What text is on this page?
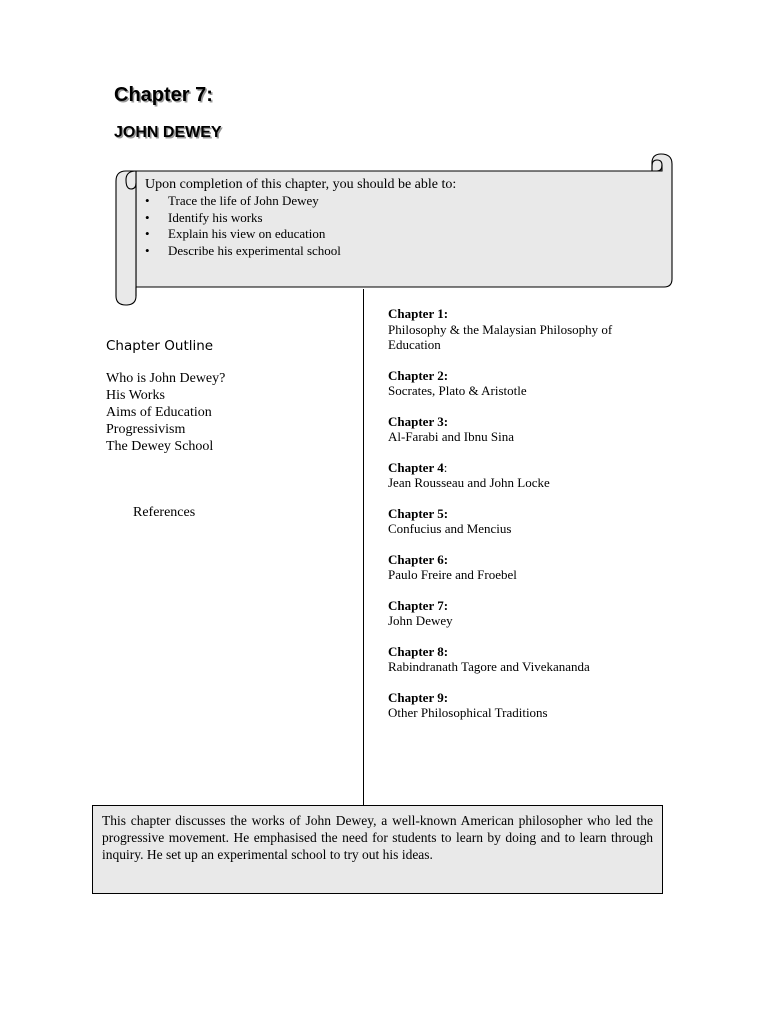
Chapter 7:
JOHN DEWEY
Upon completion of this chapter, you should be able to:
• Trace the life of John Dewey
• Identify his works
• Explain his view on education
• Describe his experimental school
Chapter Outline
Who is John Dewey?
His Works
Aims of Education
Progressivism
The Dewey School
References
Chapter 1:
Philosophy & the Malaysian Philosophy of Education
Chapter 2:
Socrates, Plato & Aristotle
Chapter 3:
Al-Farabi and Ibnu Sina
Chapter 4:
Jean Rousseau and John Locke
Chapter 5:
Confucius and Mencius
Chapter 6:
Paulo Freire and Froebel
Chapter 7:
John Dewey
Chapter 8:
Rabindranath Tagore and Vivekananda
Chapter 9:
Other Philosophical Traditions
This chapter discusses the works of John Dewey, a well-known American philosopher who led the progressive movement. He emphasised the need for students to learn by doing and to learn through inquiry. He set up an experimental school to try out his ideas.
